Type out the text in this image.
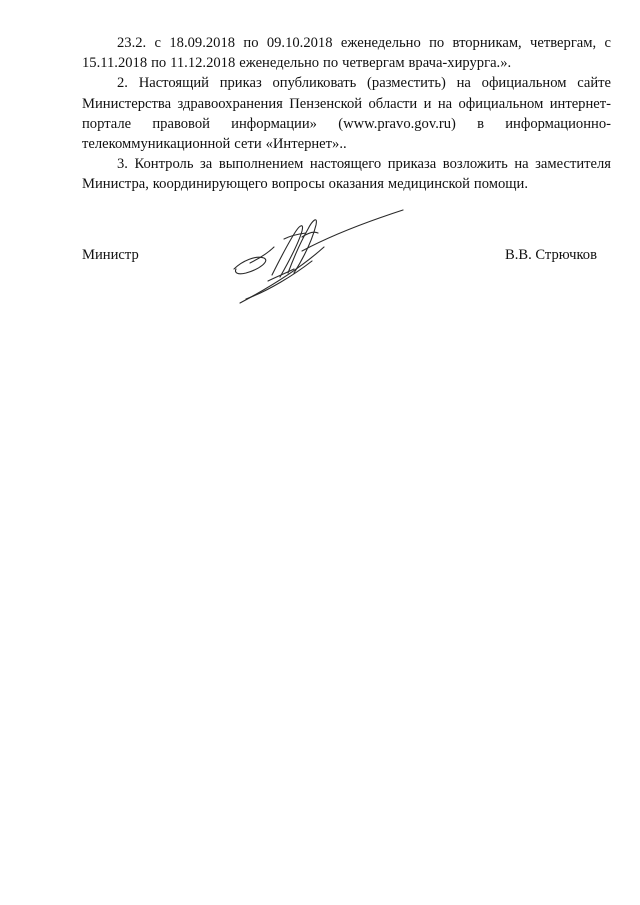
23.2. с 18.09.2018 по 09.10.2018 еженедельно по вторникам, четвергам, с 15.11.2018 по 11.12.2018 еженедельно по четвергам врача-хирурга.».

2. Настоящий приказ опубликовать (разместить) на официальном сайте Министерства здравоохранения Пензенской области и на официальном интернет-портале правовой информации» (www.pravo.gov.ru) в информационно-телекоммуникационной сети «Интернет»..

3. Контроль за выполнением настоящего приказа возложить на заместителя Министра, координирующего вопросы оказания медицинской помощи.

Министр	В.В. Стрючков
